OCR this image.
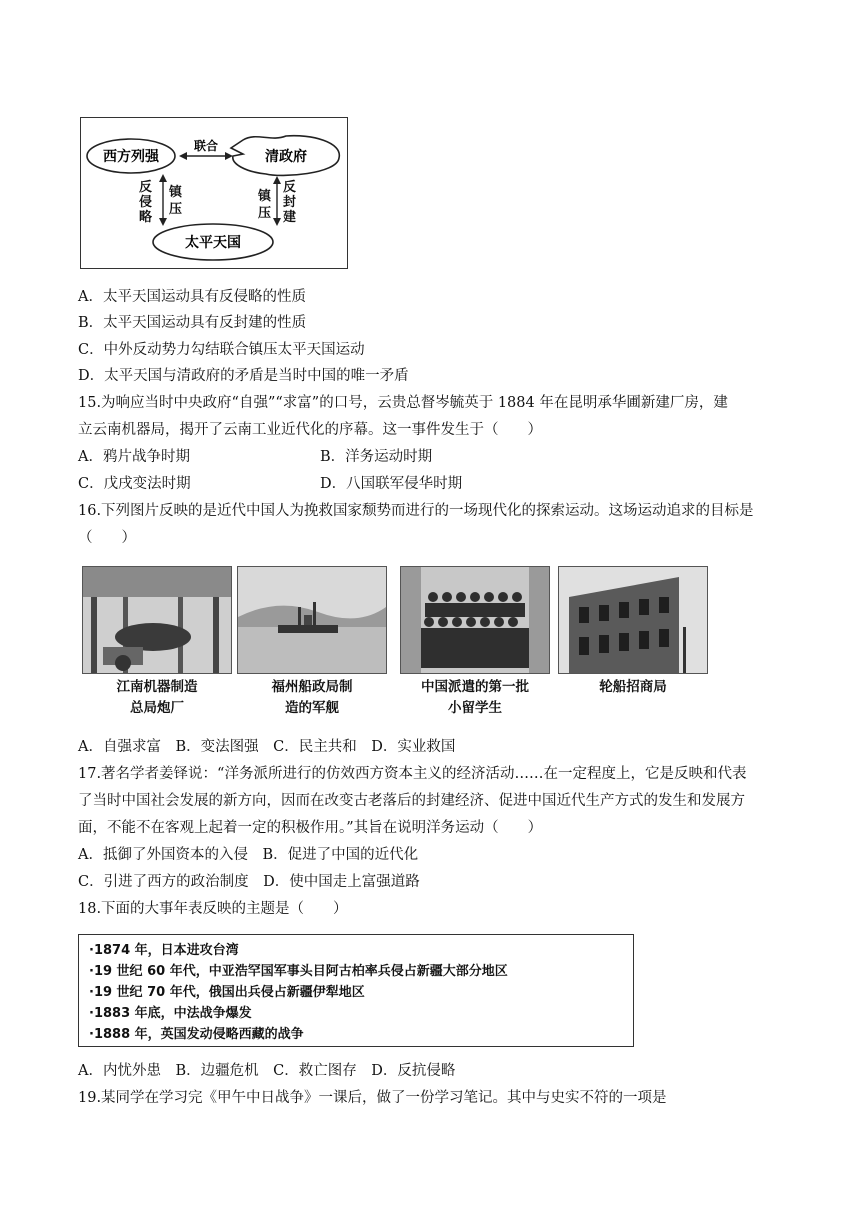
西方列强	清政府
太平天国
联合
反侵略
镇压
镇压
反封建
A．太平天国运动具有反侵略的性质
B．太平天国运动具有反封建的性质
C．中外反动势力勾结联合镇压太平天国运动
D．太平天国与清政府的矛盾是当时中国的唯一矛盾
15.为响应当时中央政府“自强”“求富”的口号，云贵总督岑毓英于 1884 年在昆明承华圃新建厂房，建
立云南机器局，揭开了云南工业近代化的序幕。这一事件发生于（　　）
A．鸦片战争时期	B．洋务运动时期
C．戊戌变法时期	D．八国联军侵华时期
16.下列图片反映的是近代中国人为挽救国家颓势而进行的一场现代化的探索运动。这场运动追求的目标是
（　　）
江南机器制造
总局炮厂
福州船政局制
造的军舰
中国派遣的第一批
小留学生
轮船招商局
A．自强求富　B．变法图强　C．民主共和　D．实业救国
17.著名学者姜铎说：“洋务派所进行的仿效西方资本主义的经济活动……在一定程度上，它是反映和代表
了当时中国社会发展的新方向，因而在改变古老落后的封建经济、促进中国近代生产方式的发生和发展方
面，不能不在客观上起着一定的积极作用。”其旨在说明洋务运动（　　）
A．抵御了外国资本的入侵　B．促进了中国的近代化
C．引进了西方的政治制度　D．使中国走上富强道路
18.下面的大事年表反映的主题是（　　）
·1874 年，日本进攻台湾
·19 世纪 60 年代，中亚浩罕国军事头目阿古柏率兵侵占新疆大部分地区
·19 世纪 70 年代，俄国出兵侵占新疆伊犁地区
·1883 年底，中法战争爆发
·1888 年，英国发动侵略西藏的战争
A．内忧外患　B．边疆危机　C．救亡图存　D．反抗侵略
19.某同学在学习完《甲午中日战争》一课后，做了一份学习笔记。其中与史实不符的一项是
